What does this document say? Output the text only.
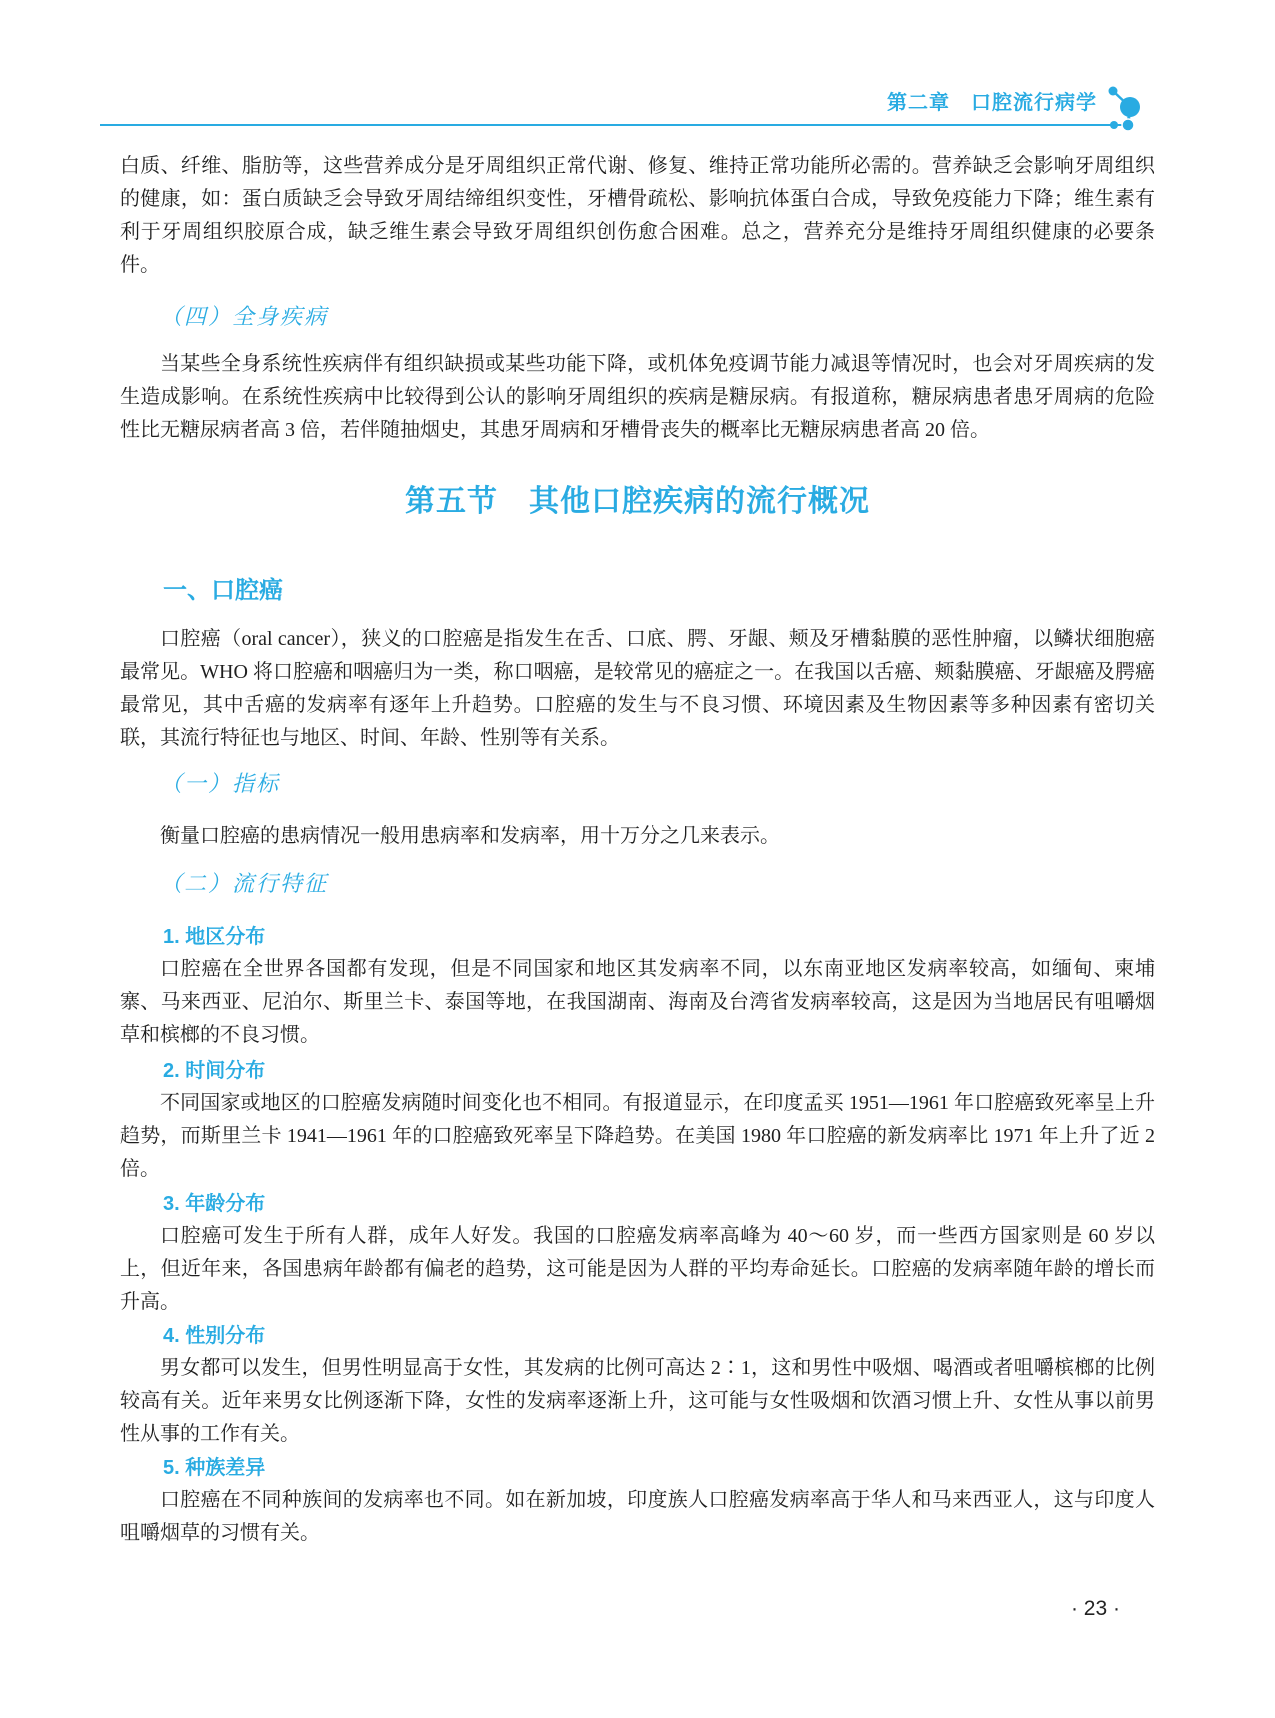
第二章　口腔流行病学

白质、纤维、脂肪等，这些营养成分是牙周组织正常代谢、修复、维持正常功能所必需的。营养缺乏会影响牙周组织的健康，如：蛋白质缺乏会导致牙周结缔组织变性，牙槽骨疏松、影响抗体蛋白合成，导致免疫能力下降；维生素有利于牙周组织胶原合成，缺乏维生素会导致牙周组织创伤愈合困难。总之，营养充分是维持牙周组织健康的必要条件。

（四）全身疾病

当某些全身系统性疾病伴有组织缺损或某些功能下降，或机体免疫调节能力减退等情况时，也会对牙周疾病的发生造成影响。在系统性疾病中比较得到公认的影响牙周组织的疾病是糖尿病。有报道称，糖尿病患者患牙周病的危险性比无糖尿病者高 3 倍，若伴随抽烟史，其患牙周病和牙槽骨丧失的概率比无糖尿病患者高 20 倍。

第五节　其他口腔疾病的流行概况
一、口腔癌

口腔癌（oral cancer），狭义的口腔癌是指发生在舌、口底、腭、牙龈、颊及牙槽黏膜的恶性肿瘤，以鳞状细胞癌最常见。WHO 将口腔癌和咽癌归为一类，称口咽癌，是较常见的癌症之一。在我国以舌癌、颊黏膜癌、牙龈癌及腭癌最常见，其中舌癌的发病率有逐年上升趋势。口腔癌的发生与不良习惯、环境因素及生物因素等多种因素有密切关联，其流行特征也与地区、时间、年龄、性别等有关系。

（一）指标

衡量口腔癌的患病情况一般用患病率和发病率，用十万分之几来表示。

（二）流行特征
1. 地区分布

口腔癌在全世界各国都有发现，但是不同国家和地区其发病率不同，以东南亚地区发病率较高，如缅甸、柬埔寨、马来西亚、尼泊尔、斯里兰卡、泰国等地，在我国湖南、海南及台湾省发病率较高，这是因为当地居民有咀嚼烟草和槟榔的不良习惯。

2. 时间分布

不同国家或地区的口腔癌发病随时间变化也不相同。有报道显示，在印度孟买 1951—1961 年口腔癌致死率呈上升趋势，而斯里兰卡 1941—1961 年的口腔癌致死率呈下降趋势。在美国 1980 年口腔癌的新发病率比 1971 年上升了近 2 倍。

3. 年龄分布

口腔癌可发生于所有人群，成年人好发。我国的口腔癌发病率高峰为 40～60 岁，而一些西方国家则是 60 岁以上，但近年来，各国患病年龄都有偏老的趋势，这可能是因为人群的平均寿命延长。口腔癌的发病率随年龄的增长而升高。

4. 性别分布

男女都可以发生，但男性明显高于女性，其发病的比例可高达 2∶1，这和男性中吸烟、喝酒或者咀嚼槟榔的比例较高有关。近年来男女比例逐渐下降，女性的发病率逐渐上升，这可能与女性吸烟和饮酒习惯上升、女性从事以前男性从事的工作有关。

5. 种族差异

口腔癌在不同种族间的发病率也不同。如在新加坡，印度族人口腔癌发病率高于华人和马来西亚人，这与印度人咀嚼烟草的习惯有关。

· 23 ·
